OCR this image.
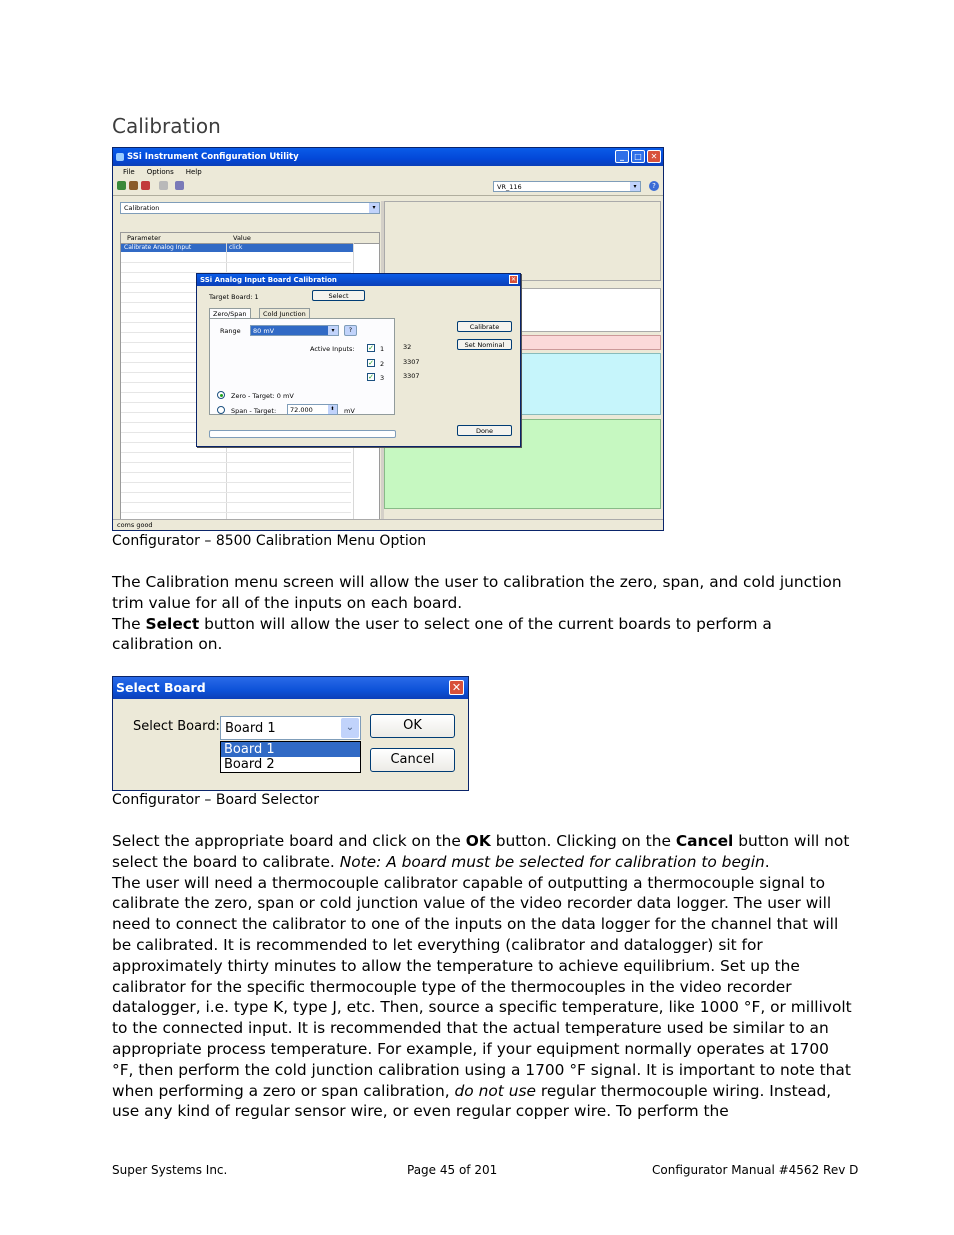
Calibration
SSi Instrument Configuration Utility	_	□	✕
File Options Help
VR_116	▾	?
Calibration	▾
Parameter	Value
Calibrate Analog Input	click
coms good
SSi Analog Input Board Calibration	✕
Target Board: 1	Select
Zero/Span	Cold Junction
Range 80 mV	▾	?
Active Inputs: ✓ 1
✓ 2
✓ 3
Zero - Target: 0 mV
Span - Target: 72.000	⬍	mV
32
3307
3307
Calibrate
Set Nominal
Done
Configurator – 8500 Calibration Menu Option
The Calibration menu screen will allow the user to calibration the zero, span, and cold junction trim value for all of the inputs on each board.
The Select button will allow the user to select one of the current boards to perform a calibration on.
Select Board	✕
Select Board: Board 1	⌄
Board 1
Board 2
OK
Cancel
Configurator – Board Selector
Select the appropriate board and click on the OK button. Clicking on the Cancel button will not select the board to calibrate. Note: A board must be selected for calibration to begin.
The user will need a thermocouple calibrator capable of outputting a thermocouple signal to calibrate the zero, span or cold junction value of the video recorder data logger. The user will need to connect the calibrator to one of the inputs on the data logger for the channel that will be calibrated. It is recommended to let everything (calibrator and datalogger) sit for approximately thirty minutes to allow the temperature to achieve equilibrium. Set up the calibrator for the specific thermocouple type of the thermocouples in the video recorder datalogger, i.e. type K, type J, etc. Then, source a specific temperature, like 1000 °F, or millivolt to the connected input. It is recommended that the actual temperature used be similar to an appropriate process temperature. For example, if your equipment normally operates at 1700 °F, then perform the cold junction calibration using a 1700 °F signal. It is important to note that when performing a zero or span calibration, do not use regular thermocouple wiring. Instead, use any kind of regular sensor wire, or even regular copper wire. To perform the
Super Systems Inc.	Page 45 of 201	Configurator Manual #4562 Rev D
